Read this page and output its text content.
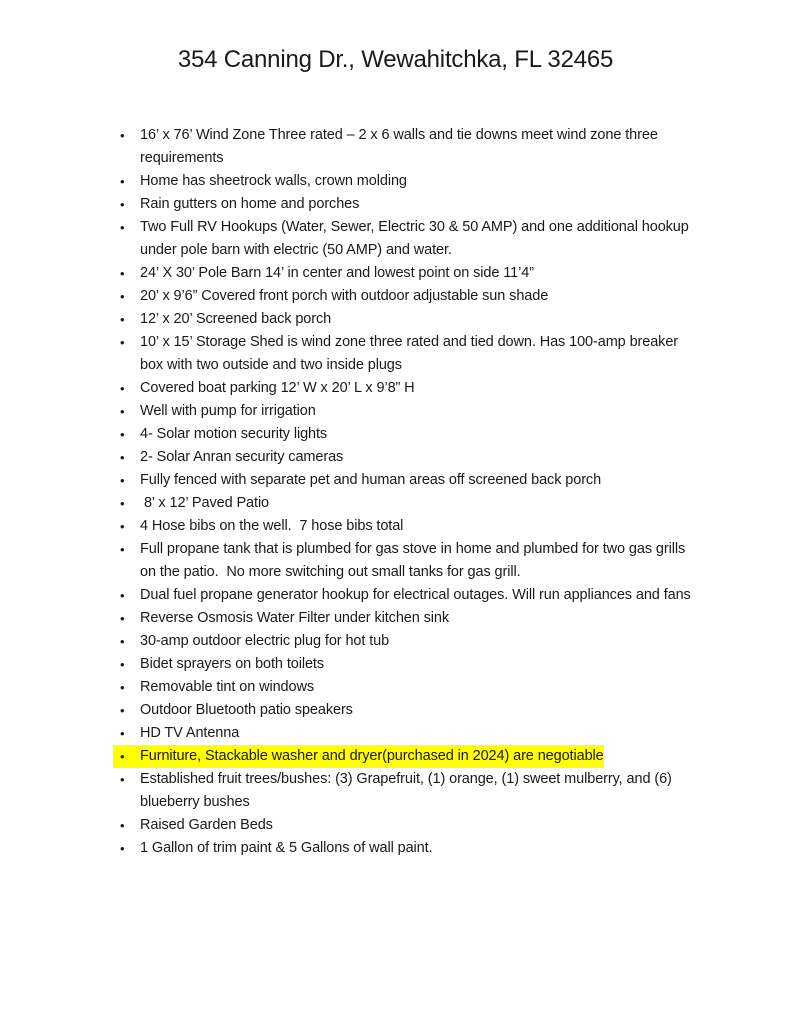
354 Canning Dr., Wewahitchka, FL 32465
•	16’ x 76’ Wind Zone Three rated – 2 x 6 walls and tie downs meet wind zone three requirements
•	Home has sheetrock walls, crown molding
•	Rain gutters on home and porches
•	Two Full RV Hookups (Water, Sewer, Electric 30 & 50 AMP) and one additional hookup under pole barn with electric (50 AMP) and water.
•	24’ X 30’ Pole Barn 14’ in center and lowest point on side 11’4”
•	20’ x 9’6” Covered front porch with outdoor adjustable sun shade
•	12’ x 20’ Screened back porch
•	10’ x 15’ Storage Shed is wind zone three rated and tied down. Has 100-amp breaker box with two outside and two inside plugs
•	Covered boat parking 12’ W x 20’ L x 9’8” H
•	Well with pump for irrigation
•	4- Solar motion security lights
•	2- Solar Anran security cameras
•	Fully fenced with separate pet and human areas off screened back porch
•	8’ x 12’ Paved Patio
•	4 Hose bibs on the well.  7 hose bibs total
•	Full propane tank that is plumbed for gas stove in home and plumbed for two gas grills on the patio.  No more switching out small tanks for gas grill.
•	Dual fuel propane generator hookup for electrical outages. Will run appliances and fans
•	Reverse Osmosis Water Filter under kitchen sink
•	30-amp outdoor electric plug for hot tub
•	Bidet sprayers on both toilets
•	Removable tint on windows
•	Outdoor Bluetooth patio speakers
•	HD TV Antenna
•	Furniture, Stackable washer and dryer(purchased in 2024) are negotiable
•	Established fruit trees/bushes: (3) Grapefruit, (1) orange, (1) sweet mulberry, and (6) blueberry bushes
•	Raised Garden Beds
•	1 Gallon of trim paint & 5 Gallons of wall paint.
